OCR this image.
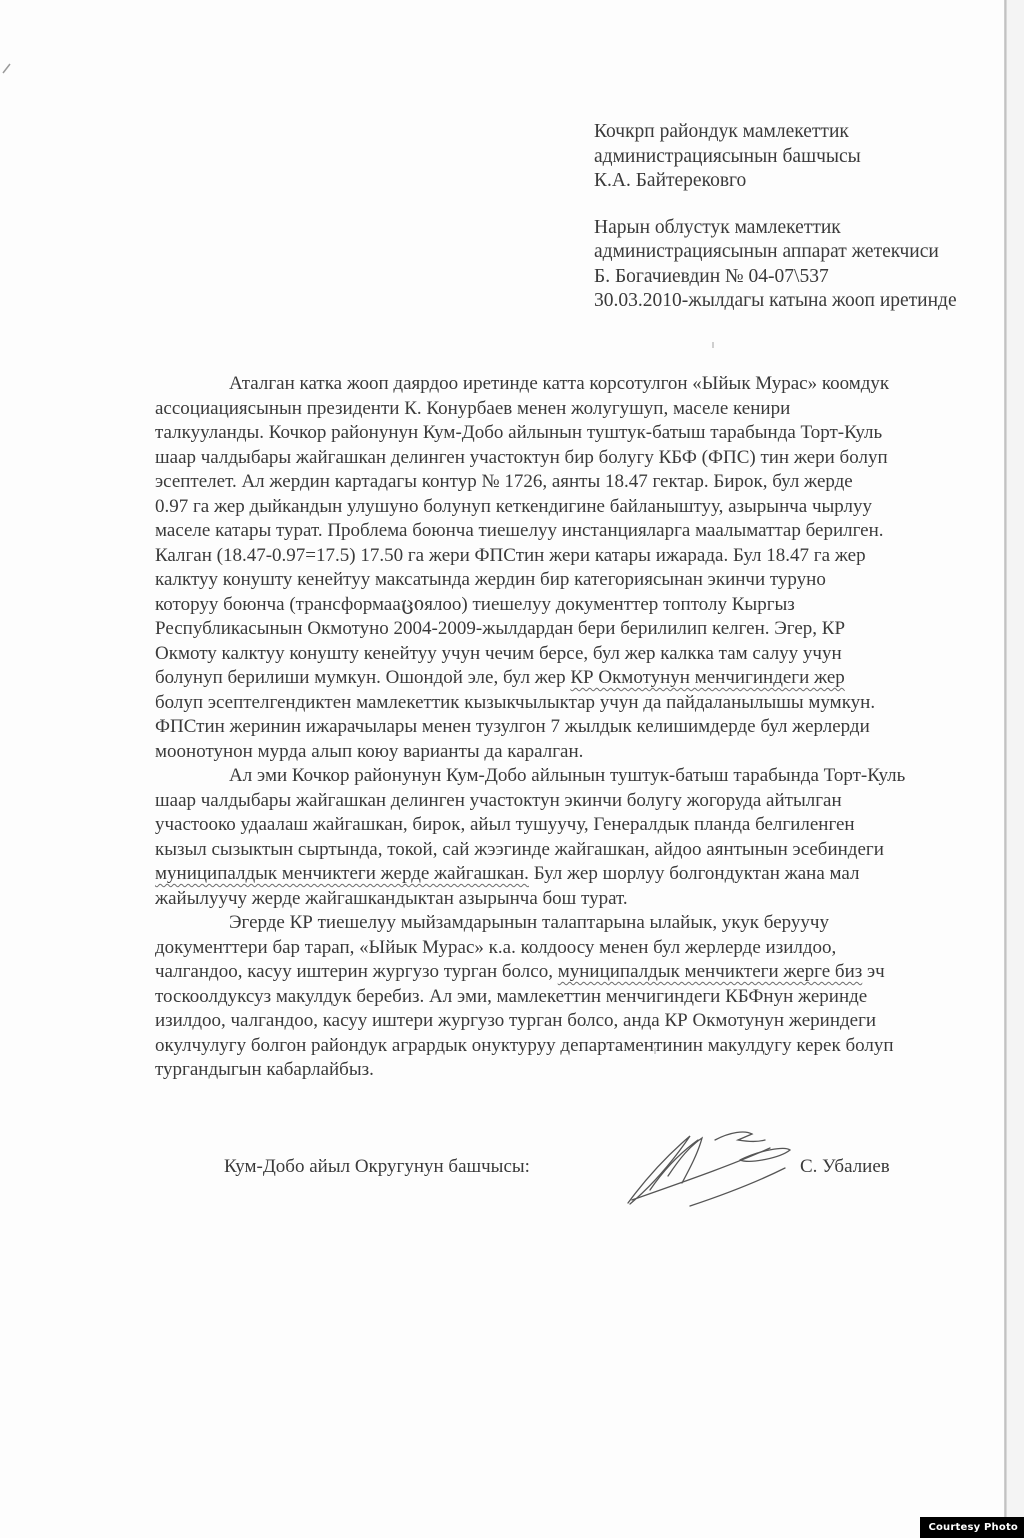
Кочкрп райондук мамлекеттик
администрациясынын башчысы
К.А. Байтерековго
Нарын облустук мамлекеттик
администрациясынын аппарат жетекчиси
Б. Богачиевдин № 04-07\537
30.03.2010-жылдагы катына жооп иретинде
Аталган катка жооп даярдоо иретинде катта корсотулгон «Ыйык Мурас» коомдук
ассоциациясынын президенти К. Конурбаев менен жолугушуп, маселе кенири
талкууланды. Кочкор районунун Кум-Добо айлынын туштук-батыш тарабында Торт-Куль
шаар чалдыбары жайгашкан делинген участоктун бир болугу КБФ (ФПС) тин жери болуп
эсептелет. Ал жердин картадагы контур № 1726, аянты 18.47 гектар. Бирок, бул жерде
0.97 га жер дыйкандын улушуно болунуп кеткендигине байланыштуу, азырынча чырлуу
маселе катары турат. Проблема боюнча тиешелуу инстанцияларга маалыматтар берилген.
Калган (18.47-0.97=17.5) 17.50 га жери ФПСтин жери катары ижарада. Бул 18.47 га жер
калктуу конушту кенейтуу максатында жердин бир категориясынан экинчи туруно
которуу боюнча (трансформааციялоо) тиешелуу документтер топтолу Кыргыз
Республикасынын Окмотуно 2004-2009-жылдардан бери берилилип келген. Эгер, КР
Окмоту калктуу конушту кенейтуу учун чечим берсе, бул жер калкка там салуу учун
болунуп берилиши мумкун. Ошондой эле, бул жер КР Окмотунун менчигиндеги жер
болуп эсептелгендиктен мамлекеттик кызыкчылыктар учун да пайдаланылышы мумкун.
ФПСтин жеринин ижарачылары менен тузулгон 7 жылдык келишимдерде бул жерлерди
моонотунон мурда алып коюу варианты да каралган.
Ал эми Кочкор районунун Кум-Добо айлынын туштук-батыш тарабында Торт-Куль
шаар чалдыбары жайгашкан делинген участоктун экинчи болугу жогоруда айтылган
участооко удаалаш жайгашкан, бирок, айыл тушуучу, Генералдык планда белгиленген
кызыл сызыктын сыртында, токой, сай жээгинде жайгашкан, айдоо аянтынын эсебиндеги
муниципалдык менчиктеги жерде жайгашкан. Бул жер шорлуу болгондуктан жана мал
жайылуучу жерде жайгашкандыктан азырынча бош турат.
Эгерде КР тиешелуу мыйзамдарынын талаптарына ылайык, укук беруучу
документтери бар тарап, «Ыйык Мурас» к.а. колдоосу менен бул жерлерде изилдоо,
чалгандоо, касуу иштерин жургузо турган болсо, муниципалдык менчиктеги жерге биз эч
тоскоолдуксуз макулдук беребиз. Ал эми, мамлекеттин менчигиндеги КБФнун жеринде
изилдоо, чалгандоо, касуу иштери жургузо турган болсо, анда КР Окмотунун жериндеги
окулчулугу болгон райондук агрардык онуктуруу департаментинин макулдугу керек болуп
тургандыгын кабарлайбыз.
Кум-Добо айыл Округунун башчысы:	С. Убалиев
Courtesy Photo
